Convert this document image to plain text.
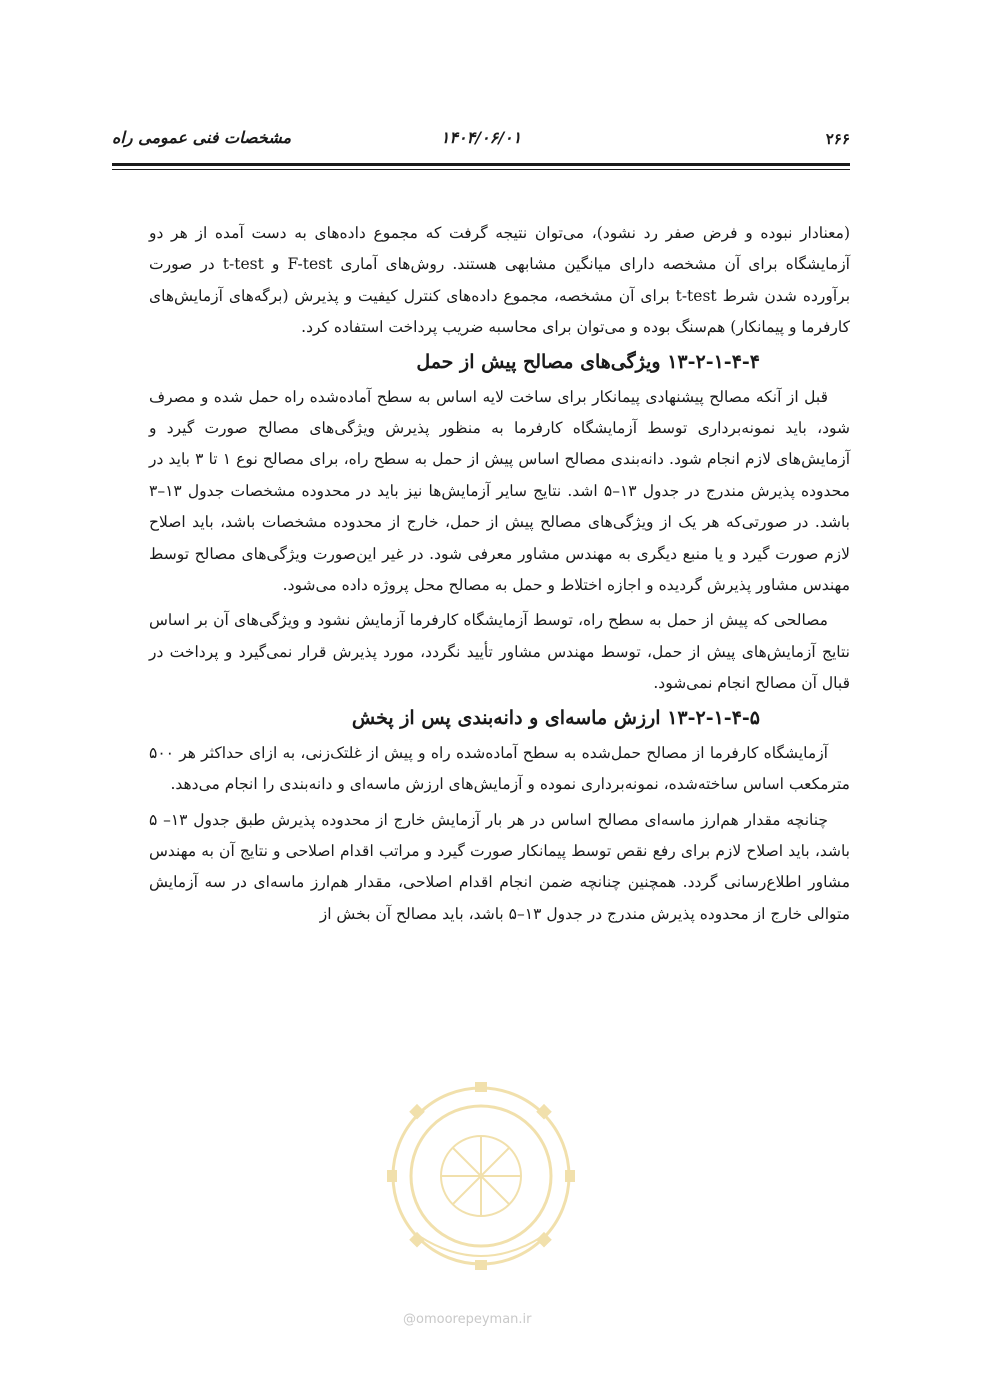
۲۶۶
۱۴۰۴/۰۶/۰۱
مشخصات فنی عمومی راه

(معنادار نبوده و فرض صفر رد نشود)، می‌توان نتیجه گرفت که مجموع داده‌های به دست آمده از هر دو آزمایشگاه برای آن مشخصه دارای میانگین مشابهی هستند. روش‌های آماری F-test و t-test در صورت برآورده شدن شرط t-test برای آن مشخصه، مجموع داده‌های کنترل کیفیت و پذیرش (برگه‌های آزمایش‌های کارفرما و پیمانکار) هم‌سنگ بوده و می‌توان برای محاسبه ضریب پرداخت استفاده کرد.

۱۳-۲-۱-۴-۴ ویژگی‌های مصالح پیش از حمل

قبل از آنکه مصالح پیشنهادی پیمانکار برای ساخت لایه اساس به سطح آماده‌شده راه حمل شده و مصرف شود، باید نمونه‌برداری توسط آزمایشگاه کارفرما به منظور پذیرش ویژگی‌های مصالح صورت گیرد و آزمایش‌های لازم انجام شود. دانه‌بندی مصالح اساس پیش از حمل به سطح راه، برای مصالح نوع ۱ تا ۳ باید در محدوده پذیرش مندرج در جدول ۱۳–۵ اشد. نتایج سایر آزمایش‌ها نیز باید در محدوده مشخصات جدول ۱۳–۳ باشد. در صورتی‌که هر یک از ویژگی‌های مصالح پیش از حمل، خارج از محدوده مشخصات باشد، باید اصلاح لازم صورت گیرد و یا منبع دیگری به مهندس مشاور معرفی شود. در غیر این‌صورت ویژگی‌های مصالح توسط مهندس مشاور پذیرش گردیده و اجازه اختلاط و حمل به مصالح محل پروژه داده می‌شود.

مصالحی که پیش از حمل به سطح راه، توسط آزمایشگاه کارفرما آزمایش نشود و ویژگی‌های آن بر اساس نتایج آزمایش‌های پیش از حمل، توسط مهندس مشاور تأیید نگردد، مورد پذیرش قرار نمی‌گیرد و پرداخت در قبال آن مصالح انجام نمی‌شود.

۱۳-۲-۱-۴-۵ ارزش ماسه‌ای و دانه‌بندی پس از پخش

آزمایشگاه کارفرما از مصالح حمل‌شده به سطح آماده‌شده راه و پیش از غلتک‌زنی، به ازای حداکثر هر ۵۰۰ مترمکعب اساس ساخته‌شده، نمونه‌برداری نموده و آزمایش‌های ارزش ماسه‌ای و دانه‌بندی را انجام می‌دهد.

چنانچه مقدار هم‌ارز ماسه‌ای مصالح اساس در هر بار آزمایش خارج از محدوده پذیرش طبق جدول ۱۳– ۵ باشد، باید اصلاح لازم برای رفع نقص توسط پیمانکار صورت گیرد و مراتب اقدام اصلاحی و نتایج آن به مهندس مشاور اطلاع‌رسانی گردد. همچنین چنانچه ضمن انجام اقدام اصلاحی، مقدار هم‌ارز ماسه‌ای در سه آزمایش متوالی خارج از محدوده پذیرش مندرج در جدول ۱۳–۵ باشد، باید مصالح آن بخش از

@omoorepeyman.ir
